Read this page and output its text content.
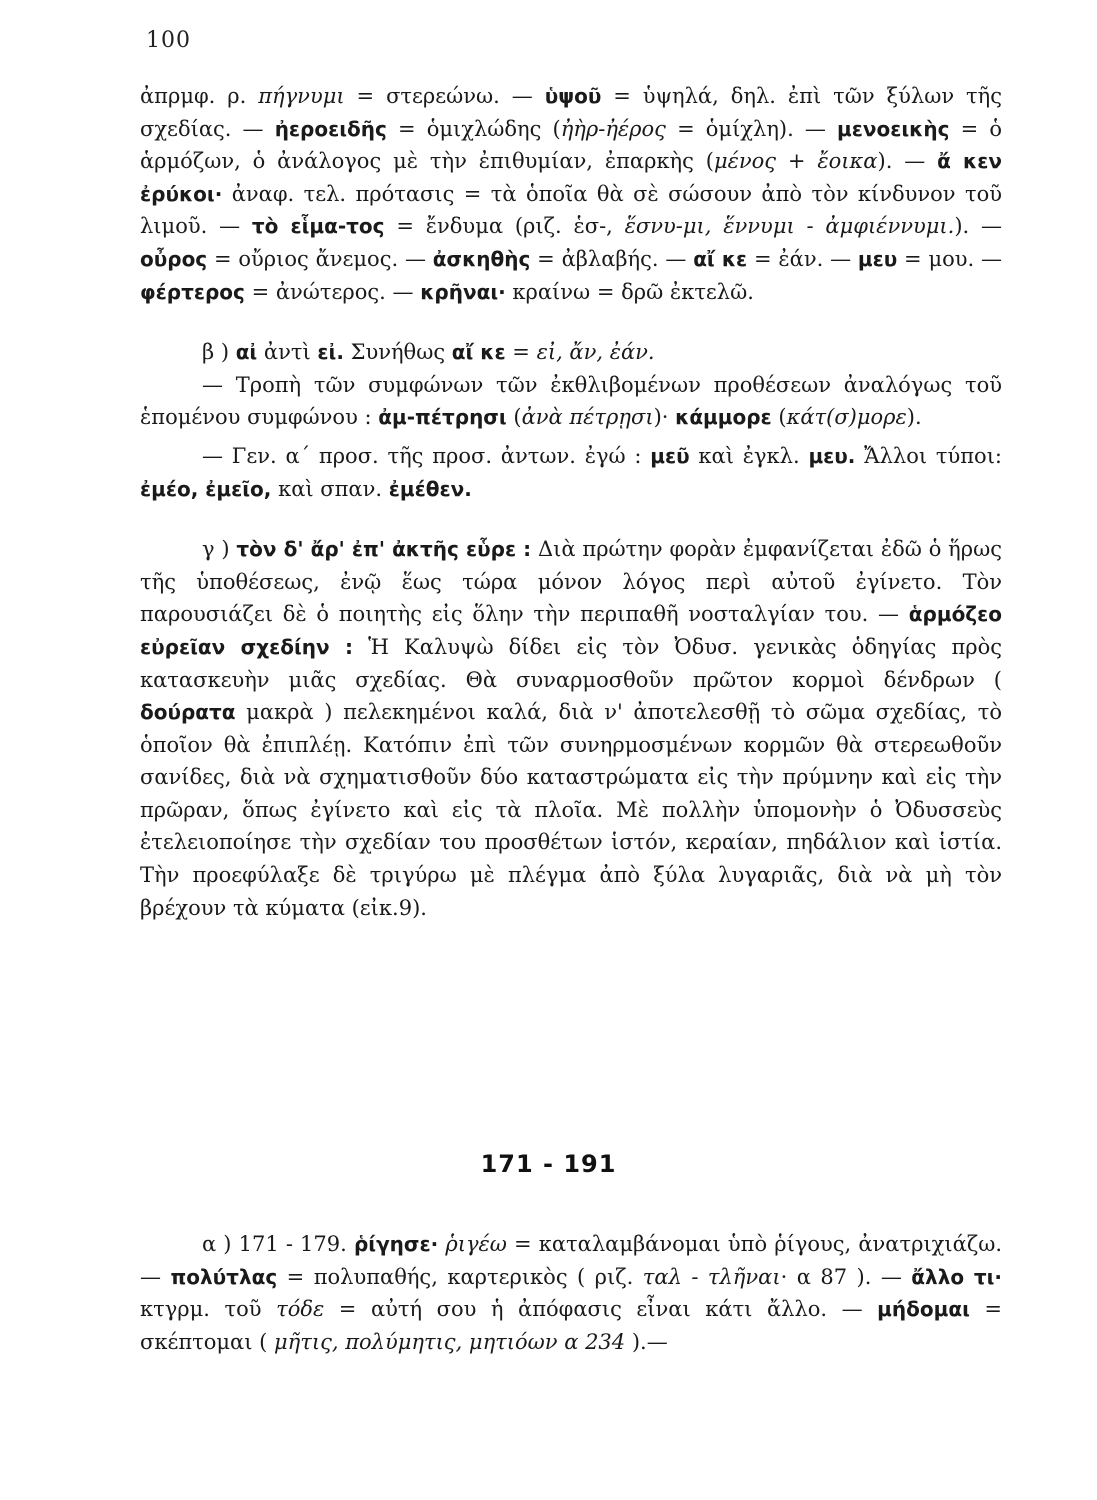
100

ἀπρμφ. ρ. πήγνυμι = στερεώνω. — ὑψοῦ = ὑψηλά, δηλ. ἐπὶ τῶν ξύλων τῆς σχεδίας. — ἠεροειδῆς = ὁμιχλώδης (ἠὴρ-ἠέρος = ὁμίχλη). — μενοεικὴς = ὁ ἁρμόζων, ὁ ἀνάλογος μὲ τὴν ἐπιθυμίαν, ἐπαρκὴς (μένος + ἔοικα). — ἄ κεν ἐρύκοι· ἀναφ. τελ. πρότασις = τὰ ὁποῖα θὰ σὲ σώσουν ἀπὸ τὸν κίνδυνον τοῦ λιμοῦ. — τὸ εἷμα-τος = ἔνδυμα (ριζ. ἑσ-, ἕσνυ-μι, ἕννυμι - ἀμφιέννυμι.). — οὖρος = οὔριος ἄνεμος. — ἀσκηθὴς = ἀβλαβής. — αἴ κε = ἐάν. — μευ = μου. — φέρτερος = ἀνώτερος. — κρῆναι· κραίνω = δρῶ ἐκτελῶ.

β ) αἰ ἀντὶ εἰ. Συνήθως αἴ κε = εἰ, ἄν, ἐάν.

— Τροπὴ τῶν συμφώνων τῶν ἐκθλιβομένων προθέσεων ἀναλόγως τοῦ ἑπομένου συμφώνου : ἀμ-πέτρησι (ἀνὰ πέτρῃσι)· κάμμορε (κάτ(σ)μορε).

— Γεν. α΄ προσ. τῆς προσ. ἀντων. ἐγώ : μεῦ καὶ ἐγκλ. μευ. Ἄλλοι τύποι: ἐμέο, ἐμεῖο, καὶ σπαν. ἐμέθεν.

γ ) τὸν δ' ἄρ' ἐπ' ἀκτῆς εὗρε : Διὰ πρώτην φορὰν ἐμφανίζεται ἐδῶ ὁ ἥρως τῆς ὑποθέσεως, ἐνῷ ἕως τώρα μόνον λόγος περὶ αὐτοῦ ἐγίνετο. Τὸν παρουσιάζει δὲ ὁ ποιητὴς εἰς ὅλην τὴν περιπαθῆ νοσταλγίαν του. — ἁρμόζεο εὐρεῖαν σχεδίην : Ἡ Καλυψὼ δίδει εἰς τὸν Ὀδυσ. γενικὰς ὁδηγίας πρὸς κατασκευὴν μιᾶς σχεδίας. Θὰ συναρμοσθοῦν πρῶτον κορμοὶ δένδρων ( δούρατα μακρὰ ) πελεκημένοι καλά, διὰ ν' ἀποτελεσθῇ τὸ σῶμα σχεδίας, τὸ ὁποῖον θὰ ἐπιπλέῃ. Κατόπιν ἐπὶ τῶν συνηρμοσμένων κορμῶν θὰ στερεωθοῦν σανίδες, διὰ νὰ σχηματισθοῦν δύο καταστρώματα εἰς τὴν πρύμνην καὶ εἰς τὴν πρῶραν, ὅπως ἐγίνετο καὶ εἰς τὰ πλοῖα. Μὲ πολλὴν ὑπομονὴν ὁ Ὀδυσσεὺς ἐτελειοποίησε τὴν σχεδίαν του προσθέτων ἱστόν, κεραίαν, πηδάλιον καὶ ἱστία. Τὴν προεφύλαξε δὲ τριγύρω μὲ πλέγμα ἀπὸ ξύλα λυγαριᾶς, διὰ νὰ μὴ τὸν βρέχουν τὰ κύματα (εἰκ.9).

171 - 191

α ) 171 - 179. ῥίγησε· ῥιγέω = καταλαμβάνομαι ὑπὸ ῥίγους, ἀνατριχιάζω. — πολύτλας = πολυπαθής, καρτερικὸς ( ριζ. ταλ - τλῆναι· α 87 ). — ἄλλο τι· κτγρμ. τοῦ τόδε = αὐτή σου ἡ ἀπόφασις εἶναι κάτι ἄλλο. — μήδομαι = σκέπτομαι ( μῆτις, πολύμητις, μητιόων α 234 ).—
